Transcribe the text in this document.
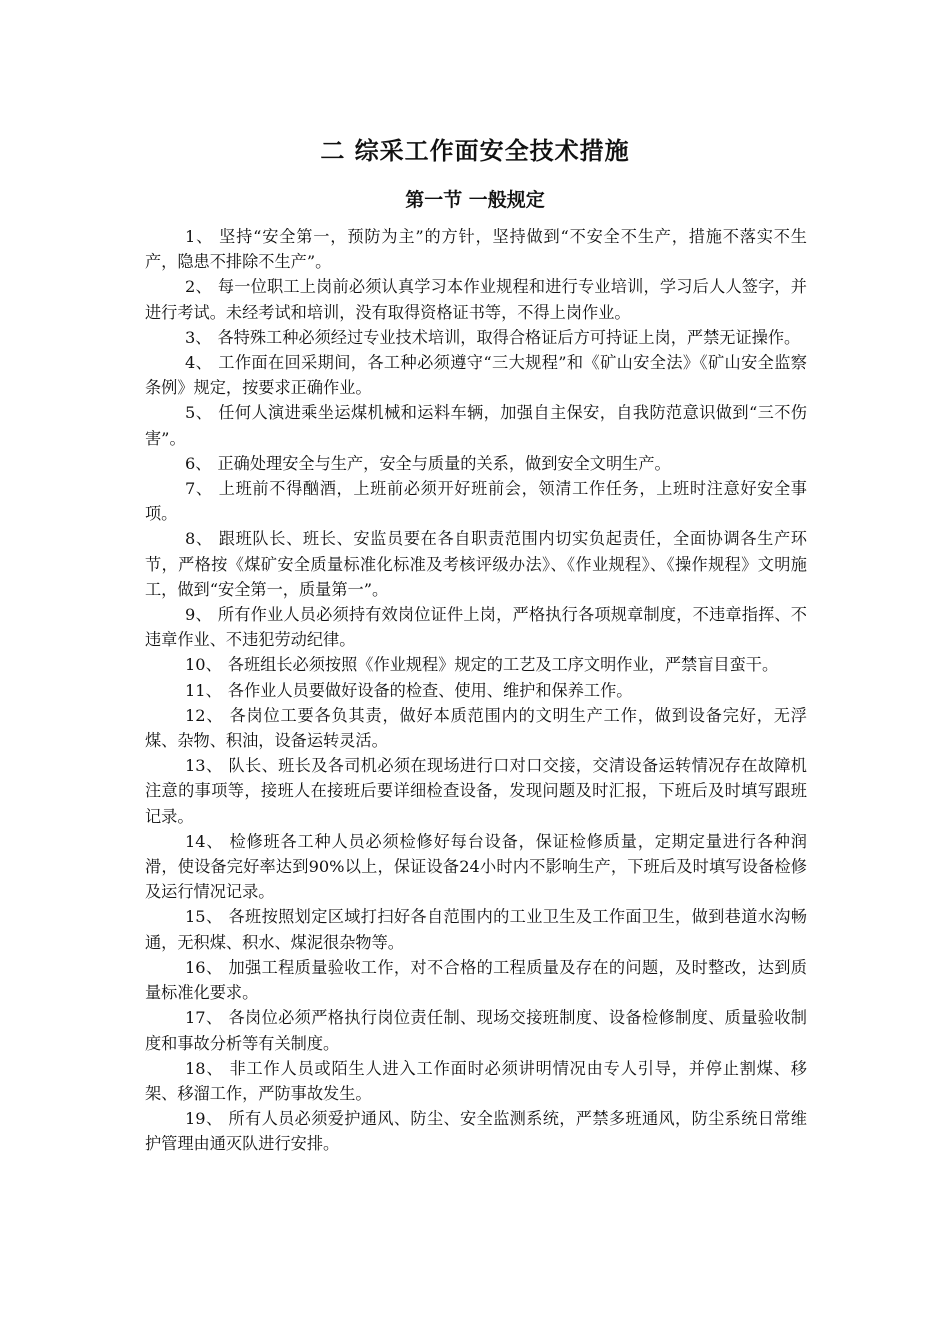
二 综采工作面安全技术措施
第一节 一般规定

1、 坚持“安全第一，预防为主”的方针，坚持做到“不安全不生产，措施不落实不生产，隐患不排除不生产”。

2、 每一位职工上岗前必须认真学习本作业规程和进行专业培训，学习后人人签字，并进行考试。未经考试和培训，没有取得资格证书等，不得上岗作业。

3、 各特殊工种必须经过专业技术培训，取得合格证后方可持证上岗，严禁无证操作。

4、 工作面在回采期间，各工种必须遵守“三大规程”和《矿山安全法》《矿山安全监察条例》规定，按要求正确作业。

5、 任何人演进乘坐运煤机械和运料车辆，加强自主保安，自我防范意识做到“三不伤害”。

6、 正确处理安全与生产，安全与质量的关系，做到安全文明生产。

7、 上班前不得酗酒，上班前必须开好班前会，领清工作任务，上班时注意好安全事项。

8、 跟班队长、班长、安监员要在各自职责范围内切实负起责任，全面协调各生产环节，严格按《煤矿安全质量标准化标准及考核评级办法》、《作业规程》、《操作规程》文明施工，做到“安全第一，质量第一”。

9、 所有作业人员必须持有效岗位证件上岗，严格执行各项规章制度，不违章指挥、不违章作业、不违犯劳动纪律。

10、 各班组长必须按照《作业规程》规定的工艺及工序文明作业，严禁盲目蛮干。

11、 各作业人员要做好设备的检查、使用、维护和保养工作。

12、 各岗位工要各负其责，做好本质范围内的文明生产工作，做到设备完好，无浮煤、杂物、积油，设备运转灵活。

13、 队长、班长及各司机必须在现场进行口对口交接，交清设备运转情况存在故障机注意的事项等，接班人在接班后要详细检查设备，发现问题及时汇报，下班后及时填写跟班记录。

14、 检修班各工种人员必须检修好每台设备，保证检修质量，定期定量进行各种润滑，使设备完好率达到90%以上，保证设备24小时内不影响生产，下班后及时填写设备检修及运行情况记录。

15、 各班按照划定区域打扫好各自范围内的工业卫生及工作面卫生，做到巷道水沟畅通，无积煤、积水、煤泥很杂物等。

16、 加强工程质量验收工作，对不合格的工程质量及存在的问题，及时整改，达到质量标准化要求。

17、 各岗位必须严格执行岗位责任制、现场交接班制度、设备检修制度、质量验收制度和事故分析等有关制度。

18、 非工作人员或陌生人进入工作面时必须讲明情况由专人引导，并停止割煤、移架、移溜工作，严防事故发生。

19、 所有人员必须爱护通风、防尘、安全监测系统，严禁多班通风，防尘系统日常维护管理由通灭队进行安排。
